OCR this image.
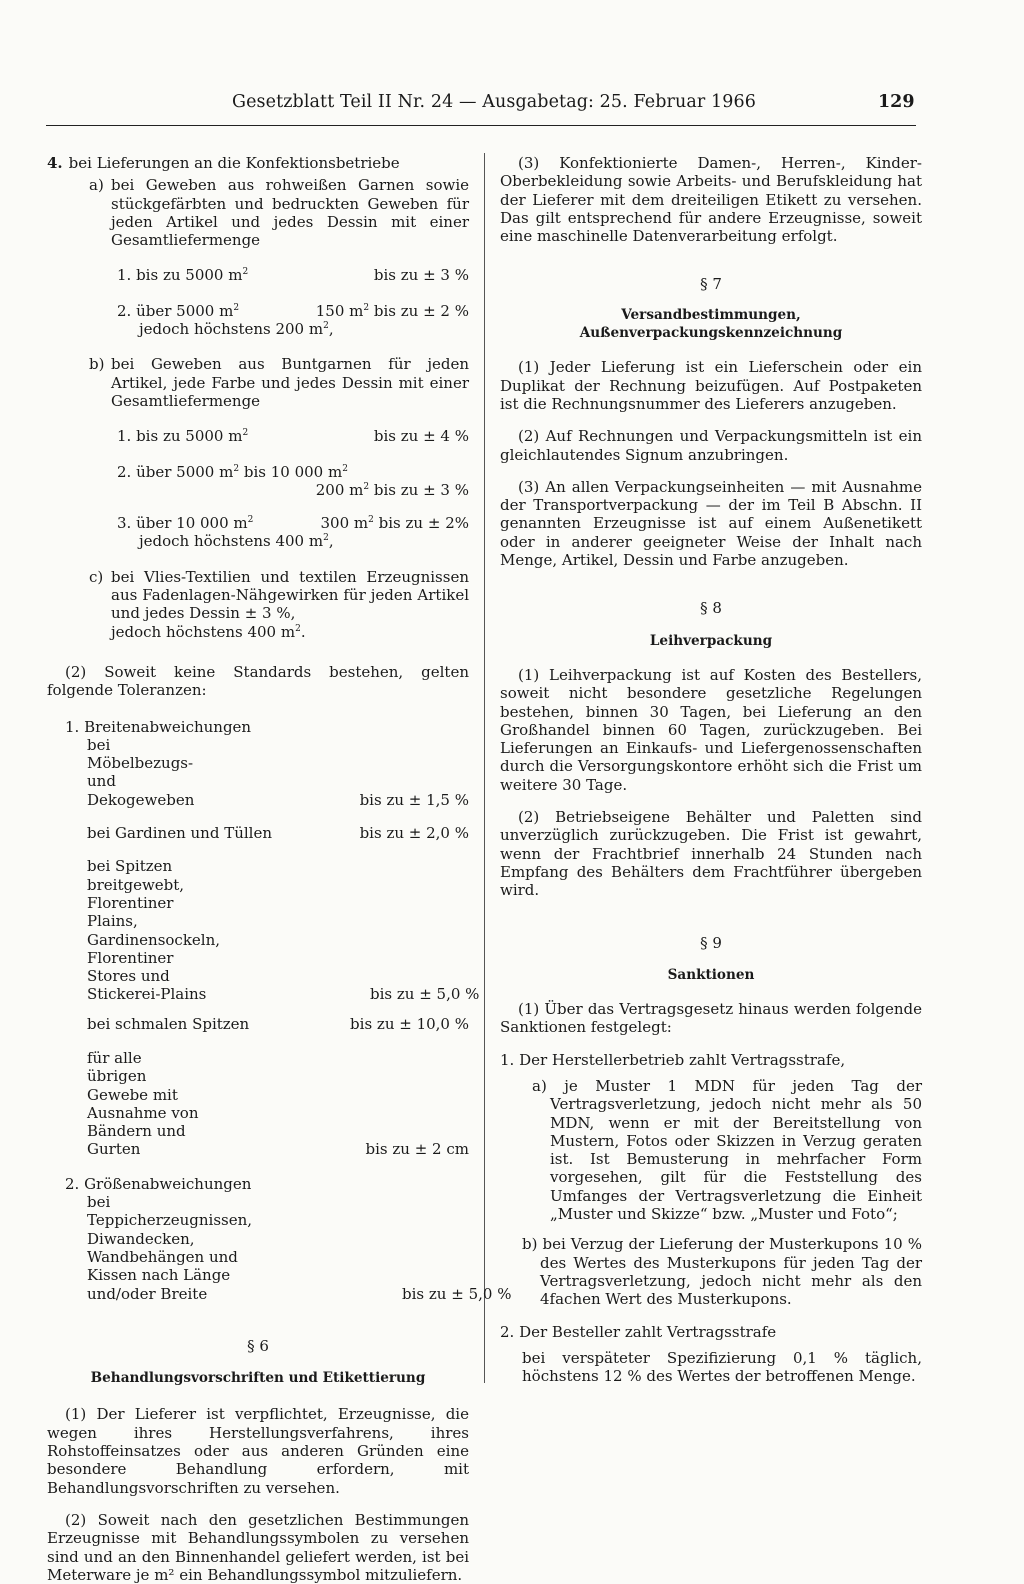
Gesetzblatt Teil II Nr. 24 — Ausgabetag: 25. Februar 1966	129
4. bei Lieferungen an die Konfektionsbetriebe
a) bei Geweben aus rohweißen Garnen sowie stückgefärbten und bedruckten Geweben für jeden Artikel und jedes Dessin mit einer Gesamtliefermenge

1. bis zu 5000 $m^2$	bis zu ± 3 %
2. über 5000 $m^2$	150 $m^2$ bis zu ± 2 %
jedoch höchstens 200 $m^2$,
b) bei Geweben aus Buntgarnen für jeden Artikel, jede Farbe und jedes Dessin mit einer Gesamtliefermenge

1. bis zu 5000 $m^2$	bis zu ± 4 %
2. über 5000 $m^2$ bis 10 000 $m^2$
200 $m^2$ bis zu ± 3 %
3. über 10 000 $m^2$	300 $m^2$ bis zu ± 2%
jedoch höchstens 400 $m^2$,
c) bei Vlies-Textilien und textilen Erzeugnissen aus Fadenlagen-Nähgewirken für jeden Artikel und jedes Dessin ± 3 %,

jedoch höchstens 400 $m^2$.

(2) Soweit keine Standards bestehen, gelten folgende Toleranzen:

1. Breitenabweichungen
bei Möbelbezugs- und Dekogeweben	bis zu ± 1,5 %
bei Gardinen und Tüllen	bis zu ± 2,0 %
bei Spitzen breitgewebt, Florentiner Plains, Gardinensockeln, Florentiner Stores und Stickerei-Plains	bis zu ± 5,0 %
bei schmalen Spitzen	bis zu ± 10,0 %
für alle übrigen Gewebe mit Ausnahme von Bändern und Gurten	bis zu ± 2 cm
2. Größenabweichungen
bei Teppicherzeugnissen, Diwandecken, Wandbehängen und Kissen nach Länge und/oder Breite	bis zu ± 5,0 %

§ 6

Behandlungsvorschriften und Etikettierung

(1) Der Lieferer ist verpflichtet, Erzeugnisse, die wegen ihres Herstellungsverfahrens, ihres Rohstoffeinsatzes oder aus anderen Gründen eine besondere Behandlung erfordern, mit Behandlungsvorschriften zu versehen.

(2) Soweit nach den gesetzlichen Bestimmungen Erzeugnisse mit Behandlungssymbolen zu versehen sind und an den Binnenhandel geliefert werden, ist bei Meterware je m² ein Behandlungssymbol mitzuliefern.

(3) Konfektionierte Damen-, Herren-, Kinder-Oberbekleidung sowie Arbeits- und Berufskleidung hat der Lieferer mit dem dreiteiligen Etikett zu versehen. Das gilt entsprechend für andere Erzeugnisse, soweit eine maschinelle Datenverarbeitung erfolgt.

§ 7

Versandbestimmungen,

Außenverpackungskennzeichnung

(1) Jeder Lieferung ist ein Lieferschein oder ein Duplikat der Rechnung beizufügen. Auf Postpaketen ist die Rechnungsnummer des Lieferers anzugeben.

(2) Auf Rechnungen und Verpackungsmitteln ist ein gleichlautendes Signum anzubringen.

(3) An allen Verpackungseinheiten — mit Ausnahme der Transportverpackung — der im Teil B Abschn. II genannten Erzeugnisse ist auf einem Außenetikett oder in anderer geeigneter Weise der Inhalt nach Menge, Artikel, Dessin und Farbe anzugeben.

§ 8

Leihverpackung

(1) Leihverpackung ist auf Kosten des Bestellers, soweit nicht besondere gesetzliche Regelungen bestehen, binnen 30 Tagen, bei Lieferung an den Großhandel binnen 60 Tagen, zurückzugeben. Bei Lieferungen an Einkaufs- und Liefergenossenschaften durch die Versorgungskontore erhöht sich die Frist um weitere 30 Tage.

(2) Betriebseigene Behälter und Paletten sind unverzüglich zurückzugeben. Die Frist ist gewahrt, wenn der Frachtbrief innerhalb 24 Stunden nach Empfang des Behälters dem Frachtführer übergeben wird.

§ 9

Sanktionen

(1) Über das Vertragsgesetz hinaus werden folgende Sanktionen festgelegt:

1. Der Herstellerbetrieb zahlt Vertragsstrafe,

a) je Muster 1 MDN für jeden Tag der Vertragsverletzung, jedoch nicht mehr als 50 MDN, wenn er mit der Bereitstellung von Mustern, Fotos oder Skizzen in Verzug geraten ist. Ist Bemusterung in mehrfacher Form vorgesehen, gilt für die Feststellung des Umfanges der Vertragsverletzung die Einheit „Muster und Skizze“ bzw. „Muster und Foto“;

b) bei Verzug der Lieferung der Musterkupons 10 % des Wertes des Musterkupons für jeden Tag der Vertragsverletzung, jedoch nicht mehr als den 4fachen Wert des Musterkupons.

2. Der Besteller zahlt Vertragsstrafe

bei verspäteter Spezifizierung 0,1 % täglich, höchstens 12 % des Wertes der betroffenen Menge.
